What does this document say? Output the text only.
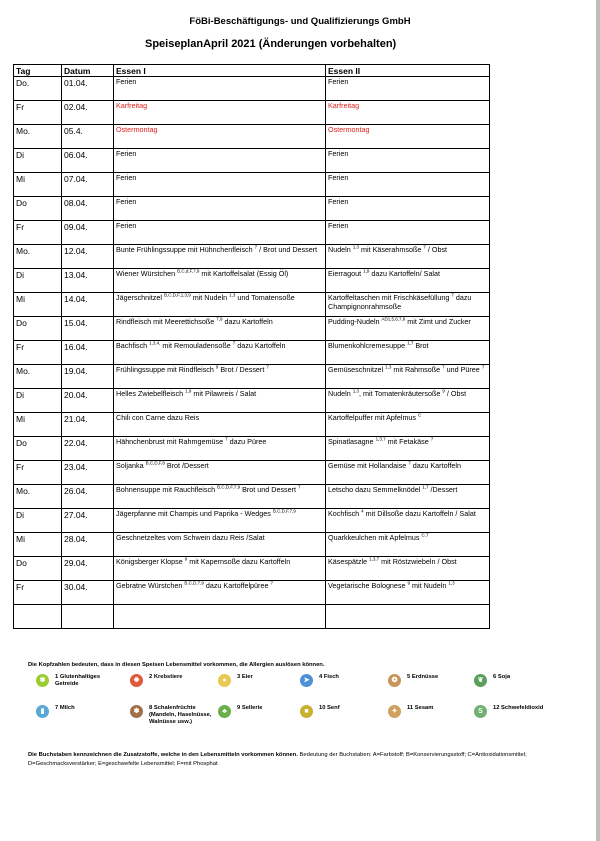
FöBi-Beschäftigungs- und Qualifizierungs GmbH
SpeiseplanApril 2021 (Änderungen vorbehalten)
Tag	Datum	Essen I	Essen II

Do.	01.04.	Ferien	Ferien

Fr	02.04.	Karfreitag	Karfreitag

Mo.	05.4.	Ostermontag	Ostermontag

Di	06.04.	Ferien	Ferien

Mi	07.04.	Ferien	Ferien

Do	08.04.	Ferien	Ferien

Fr	09.04.	Ferien	Ferien

Mo.	12.04.	Bunte Frühlingssuppe mit Hühnchenfleisch $^7$ / Brot und Dessert	Nudeln $^{1,3}$ mit Käserahmsoße $^7$ / Obst

Di	13.04.	Wiener Würstchen $^{B,C,d,F,7,9}$ mit Kartoffelsalat (Essig Öl)	Eierragout $^{1,9}$ dazu Kartoffeln/ Salat

Mi	14.04.	Jägerschnitzel $^{B,C,D,F,1,3,9}$ mit Nudeln $^{1,3}$ und Tomatensoße	Kartoffeltaschen mit Frischkäsefüllung $^7$ dazu Champignonrahmsoße

Do	15.04.	Rindfleisch mit Meerettichsoße $^{7,9}$ dazu Kartoffeln	Pudding-Nudeln $^{AD1,5,6,7,8}$ mit Zimt und Zucker

Fr	16.04.	Bachfisch $^{1,3,4,}$ mit Remouladensoße $^7$ dazu Kartoffeln	Blumenkohlcremesuppe $^{1,7}$ Brot

Mo.	19.04.	Frühlingssuppe mit Rindfleisch $^9$ Brot / Dessert $^7$	Gemüseschnitzel $^{1,3}$ mit Rahmsoße $^7$ und Püree $^7$

Di	20.04.	Helles Zwiebelfleisch $^{1,9}$ mit Pilawreis / Salat	Nudeln $^{1,3}$, mit Tomatenkräutersoße $^9$ / Obst

Mi	21.04.	Chili con Carne dazu Reis	Kartoffelpuffer mit Apfelmus $^C$

Do	22.04.	Hähnchenbrust mit Rahmgemüse $^7$ dazu Püree	Spinatlasagne $^{1,3,7}$ mit Fetakäse $^7$

Fr	23.04.	Soljanka $^{B,C,D,F,8}$ Brot /Dessert	Gemüse mit Hollandaise $^7$ dazu Kartoffeln

Mo.	26.04.	Bohnensuppe mit Rauchfleisch $^{B,C,D,F,7,9}$ Brot und Dessert $^7$	Letscho dazu Semmelknödel $^{1,7}$ /Dessert

Di	27.04.	Jägerpfanne mit Champis und Paprika - Wedges $^{B,C,D,F,7,9}$	Kochfisch $^4$ mit Dillsoße dazu Kartoffeln / Salat

Mi	28.04.	Geschnetzeltes vom Schwein dazu Reis /Salat	Quarkkeulchen mit Apfelmus $^{C,7}$

Do	29.04.	Königsberger Klopse $^9$ mit Kapernsoße dazu Kartoffeln	Käsespätzle $^{1,3,7}$ mit Röstzwiebeln / Obst

Fr	30.04.	Gebratne Würstchen $^{B,C,D,7,9}$ dazu Kartoffelpüree $^7$	Vegetarische Bolognese $^9$ mit Nudeln $^{1,3}$

Die Kopfzahlen bedeuten, dass in diesen Speisen Lebensmittel vorkommen, die Allergien auslösen können.
✾	1 Glutenhaltiges Getreide	✹	2 Krebstiere	●	3 Eier	➤	4 Fisch	❂	5 Erdnüsse	❦	6 Soja
▮	7 Milch	❃	8 Schalenfrüchte (Mandeln, Haselnüsse, Walnüsse usw.)
♣	9 Sellerie	■	10 Senf	✦	11 Sesam	S	12 Schwefeldioxid
Die Buchstaben kennzeichnen die Zusatzstoffe, welche in den Lebensmitteln vorkommen können. Bedeutung der Buchstaben: A=Farbstoff; B=Konservierungsstoff; C=Antioxidationsmittel; D=Geschmacksverstärker; E=geschwefelte Lebensmittel; F=mit Phosphat
